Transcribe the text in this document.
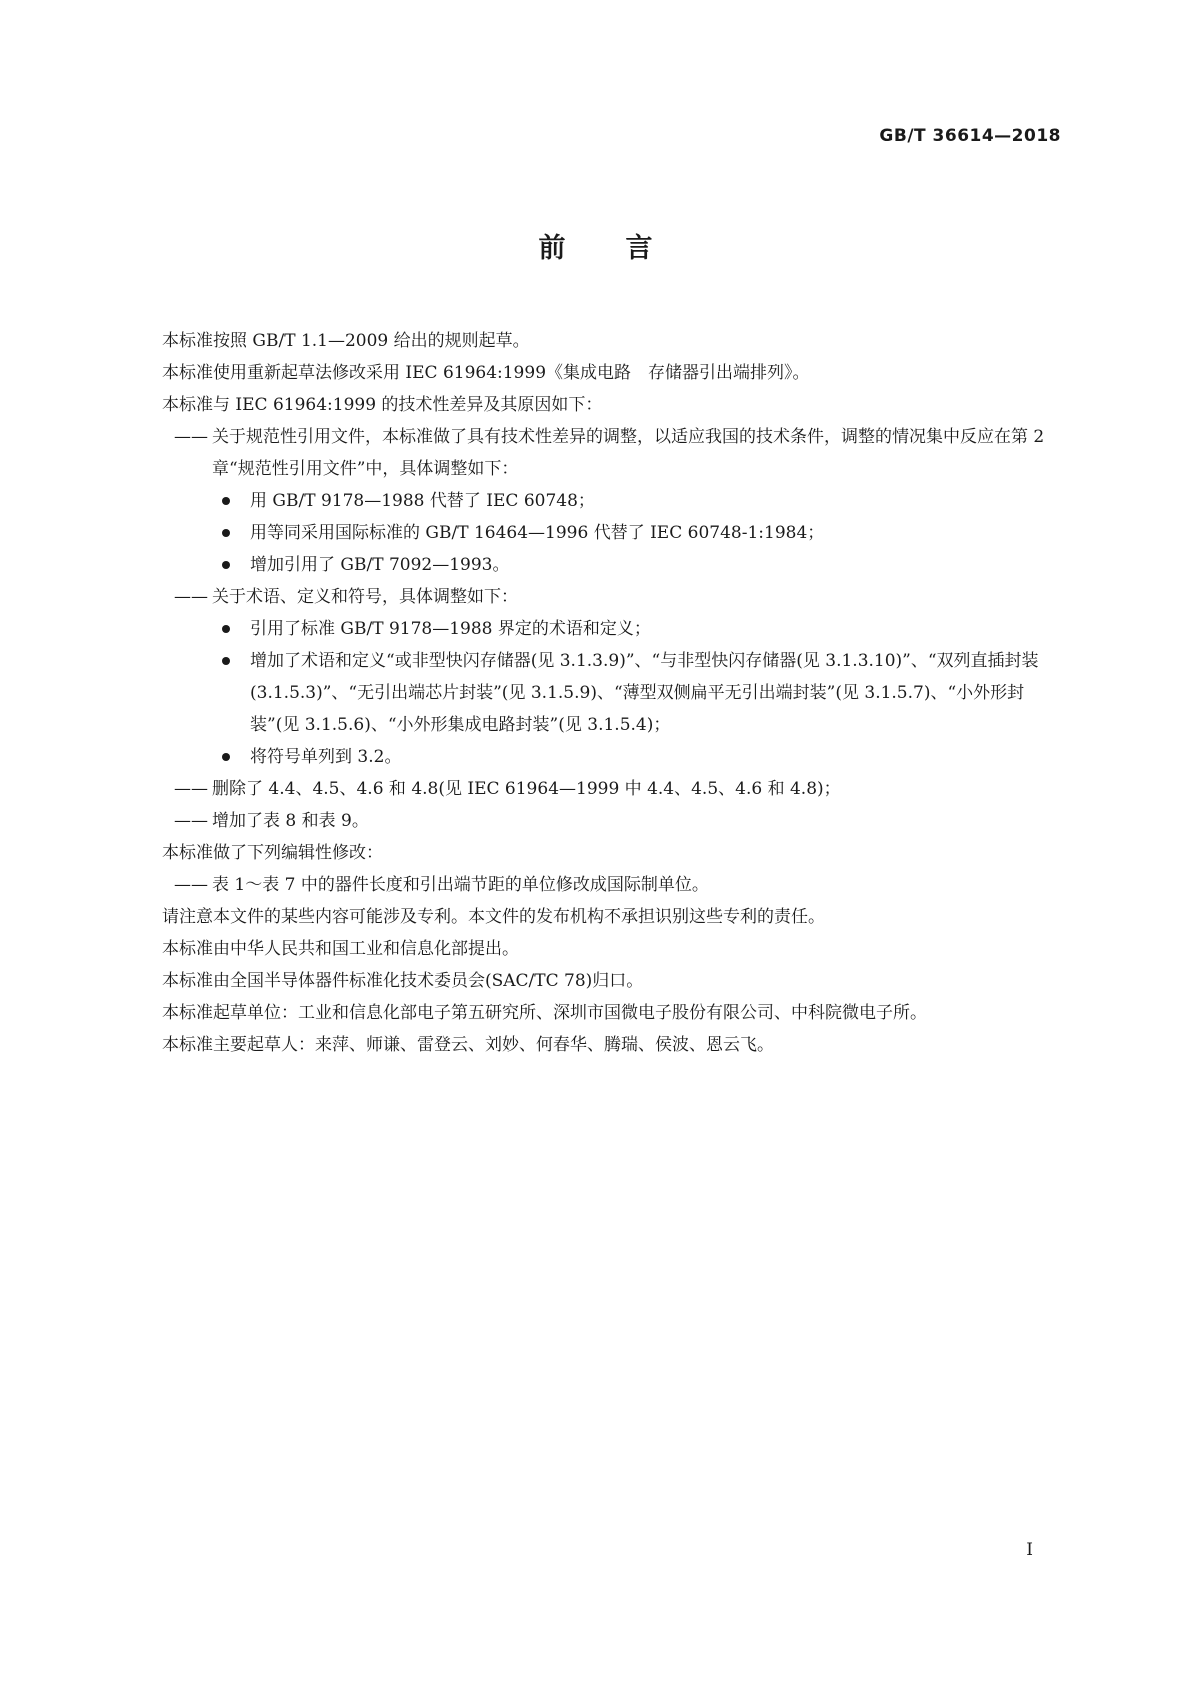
GB/T 36614—2018
前 言

本标准按照 GB/T 1.1—2009 给出的规则起草。

本标准使用重新起草法修改采用 IEC 61964:1999《集成电路　存储器引出端排列》。

本标准与 IEC 61964:1999 的技术性差异及其原因如下：

—— 关于规范性引用文件，本标准做了具有技术性差异的调整，以适应我国的技术条件，调整的情况集中反应在第 2 章“规范性引用文件”中，具体调整如下：

用 GB/T 9178—1988 代替了 IEC 60748；

用等同采用国际标准的 GB/T 16464—1996 代替了 IEC 60748-1:1984；

增加引用了 GB/T 7092—1993。

—— 关于术语、定义和符号，具体调整如下：

引用了标准 GB/T 9178—1988 界定的术语和定义；

增加了术语和定义“或非型快闪存储器(见 3.1.3.9)”、“与非型快闪存储器(见 3.1.3.10)”、“双列直插封装(3.1.5.3)”、“无引出端芯片封装”(见 3.1.5.9)、“薄型双侧扁平无引出端封装”(见 3.1.5.7)、“小外形封装”(见 3.1.5.6)、“小外形集成电路封装”(见 3.1.5.4)；

将符号单列到 3.2。

—— 删除了 4.4、4.5、4.6 和 4.8(见 IEC 61964—1999 中 4.4、4.5、4.6 和 4.8)；

—— 增加了表 8 和表 9。

本标准做了下列编辑性修改：

—— 表 1～表 7 中的器件长度和引出端节距的单位修改成国际制单位。

请注意本文件的某些内容可能涉及专利。本文件的发布机构不承担识别这些专利的责任。

本标准由中华人民共和国工业和信息化部提出。

本标准由全国半导体器件标准化技术委员会(SAC/TC 78)归口。

本标准起草单位：工业和信息化部电子第五研究所、深圳市国微电子股份有限公司、中科院微电子所。

本标准主要起草人：来萍、师谦、雷登云、刘妙、何春华、腾瑞、侯波、恩云飞。

I
